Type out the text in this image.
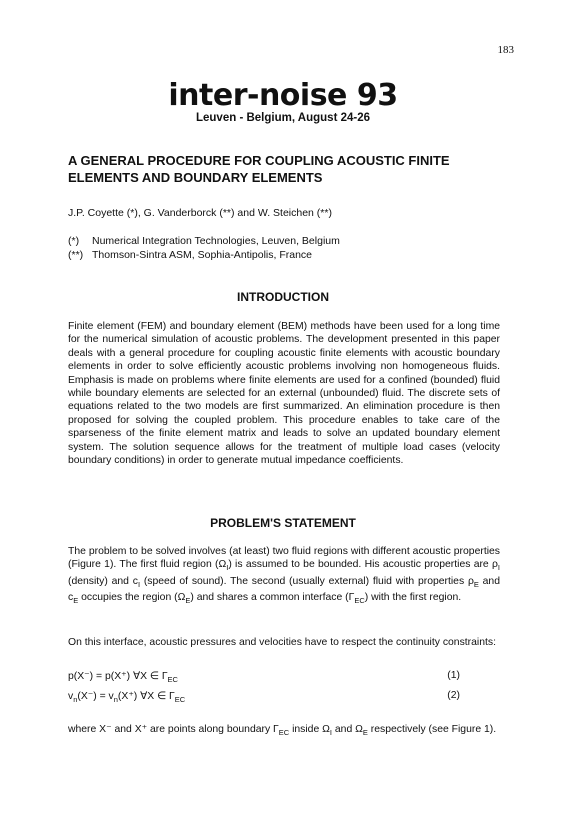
183
inter-noise 93
Leuven - Belgium, August 24-26
A GENERAL PROCEDURE FOR COUPLING ACOUSTIC FINITE ELEMENTS AND BOUNDARY ELEMENTS
J.P. Coyette (*), G. Vanderborck (**) and W. Steichen (**)
(*) Numerical Integration Technologies, Leuven, Belgium
(**) Thomson-Sintra ASM, Sophia-Antipolis, France
INTRODUCTION

Finite element (FEM) and boundary element (BEM) methods have been used for a long time for the numerical simulation of acoustic problems. The development presented in this paper deals with a general procedure for coupling acoustic finite elements with acoustic boundary elements in order to solve efficiently acoustic problems involving non homogeneous fluids. Emphasis is made on problems where finite elements are used for a confined (bounded) fluid while boundary elements are selected for an external (unbounded) fluid. The discrete sets of equations related to the two models are first summarized. An elimination procedure is then proposed for solving the coupled problem. This procedure enables to take care of the sparseness of the finite element matrix and leads to solve an updated boundary element system. The solution sequence allows for the treatment of multiple load cases (velocity boundary conditions) in order to generate mutual impedance coefficients.

PROBLEM'S STATEMENT

The problem to be solved involves (at least) two fluid regions with different acoustic properties (Figure 1). The first fluid region $(\Omega_I)$ is assumed to be bounded. His acoustic properties are $\rho_I$ (density) and $c_I$ (speed of sound). The second (usually external) fluid with properties $\rho_E$ and $c_E$ occupies the region $(\Omega_E)$ and shares a common interface $(\Gamma_{EC})$ with the first region.

On this interface, acoustic pressures and velocities have to respect the continuity constraints:

p(X⁻) = p(X⁺) ∀X ∈ $\Gamma_{EC}$	(1)
$v_n(X^-) = v_n(X^+)$ ∀X ∈ $\Gamma_{EC}$	(2)

where X⁻ and X⁺ are points along boundary $\Gamma_{EC}$ inside $\Omega_I$ and $\Omega_E$ respectively (see Figure 1).
